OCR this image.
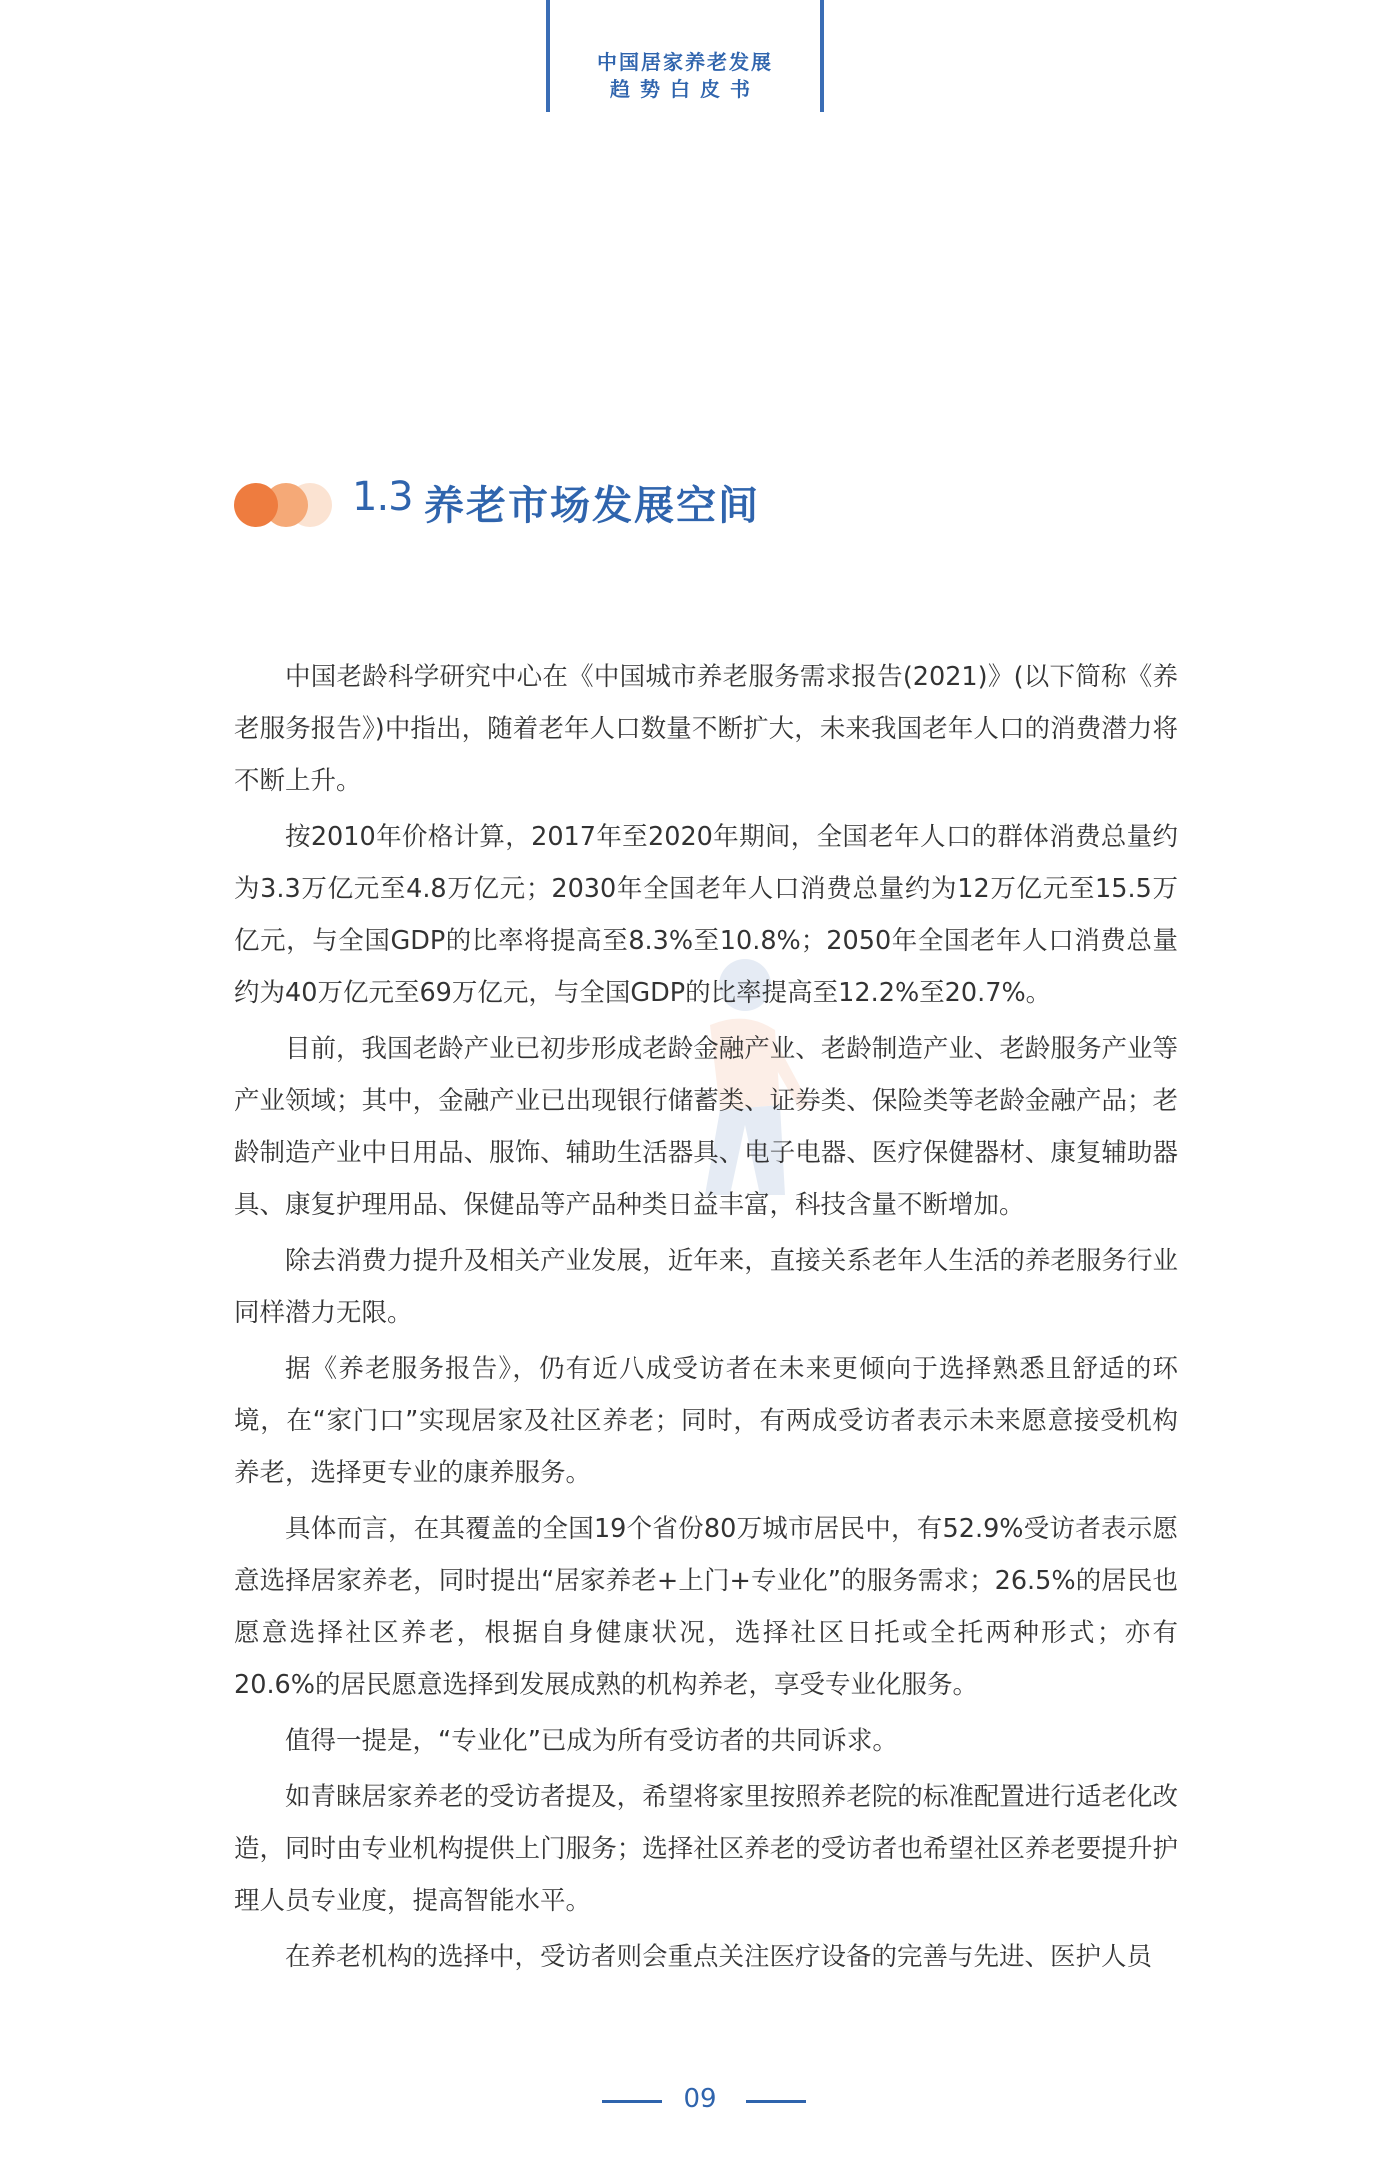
中国居家养老发展
趋势白皮书
1.3 养老市场发展空间

中国老龄科学研究中心在《中国城市养老服务需求报告(2021)》(以下简称《养老服务报告》)中指出，随着老年人口数量不断扩大，未来我国老年人口的消费潜力将不断上升。

按2010年价格计算，2017年至2020年期间，全国老年人口的群体消费总量约为3.3万亿元至4.8万亿元；2030年全国老年人口消费总量约为12万亿元至15.5万亿元，与全国GDP的比率将提高至8.3%至10.8%；2050年全国老年人口消费总量约为40万亿元至69万亿元，与全国GDP的比率提高至12.2%至20.7%。

目前，我国老龄产业已初步形成老龄金融产业、老龄制造产业、老龄服务产业等产业领域；其中，金融产业已出现银行储蓄类、证券类、保险类等老龄金融产品；老龄制造产业中日用品、服饰、辅助生活器具、电子电器、医疗保健器材、康复辅助器具、康复护理用品、保健品等产品种类日益丰富，科技含量不断增加。

除去消费力提升及相关产业发展，近年来，直接关系老年人生活的养老服务行业同样潜力无限。

据《养老服务报告》，仍有近八成受访者在未来更倾向于选择熟悉且舒适的环境，在“家门口”实现居家及社区养老；同时，有两成受访者表示未来愿意接受机构养老，选择更专业的康养服务。

具体而言，在其覆盖的全国19个省份80万城市居民中，有52.9%受访者表示愿意选择居家养老，同时提出“居家养老+上门+专业化”的服务需求；26.5%的居民也愿意选择社区养老，根据自身健康状况，选择社区日托或全托两种形式；亦有20.6%的居民愿意选择到发展成熟的机构养老，享受专业化服务。

值得一提是，“专业化”已成为所有受访者的共同诉求。

如青睐居家养老的受访者提及，希望将家里按照养老院的标准配置进行适老化改造，同时由专业机构提供上门服务；选择社区养老的受访者也希望社区养老要提升护理人员专业度，提高智能水平。

在养老机构的选择中，受访者则会重点关注医疗设备的完善与先进、医护人员

09
